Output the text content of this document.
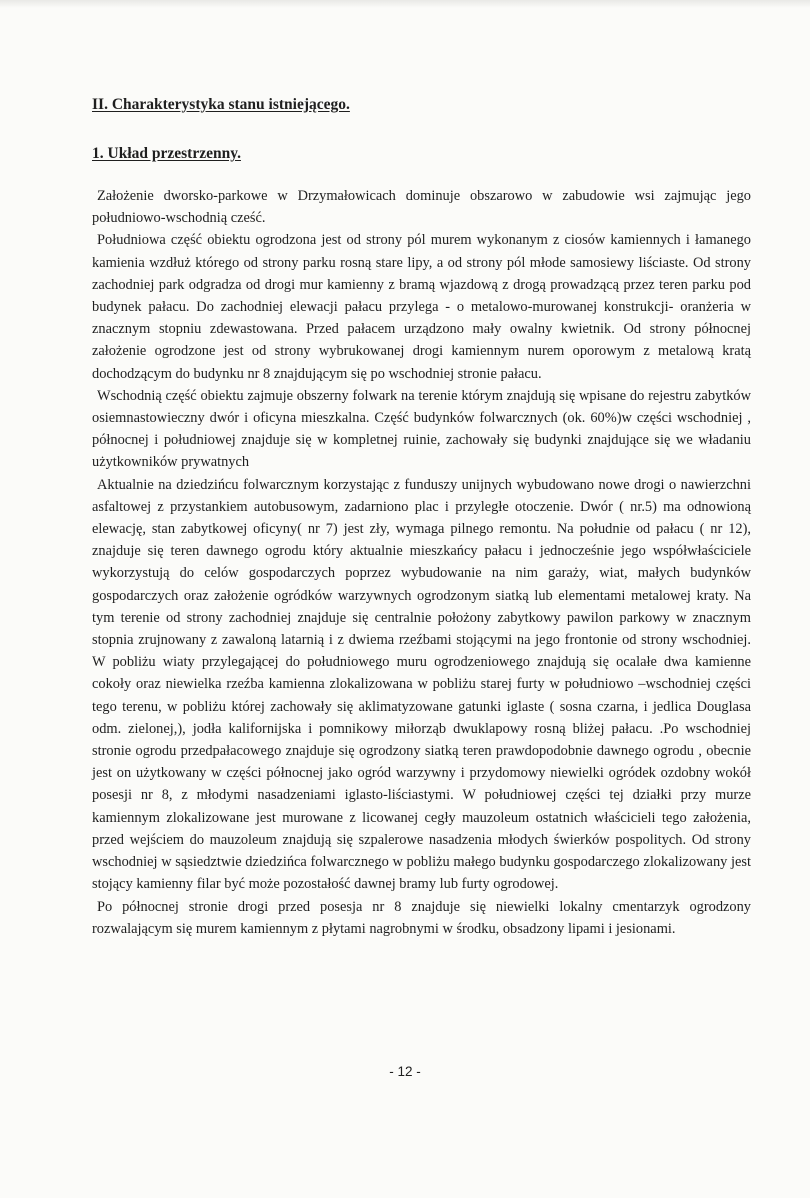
II. Charakterystyka stanu istniejącego.
1. Układ przestrzenny.

Założenie dworsko-parkowe w Drzymałowicach dominuje obszarowo w zabudowie wsi zajmując jego południowo-wschodnią cześć.

Południowa część obiektu ogrodzona jest od strony pól murem wykonanym z ciosów kamiennych i łamanego kamienia wzdłuż którego od strony parku rosną stare lipy, a od strony pól młode samosiewy liściaste. Od strony zachodniej park odgradza od drogi mur kamienny z bramą wjazdową z drogą prowadzącą przez teren parku pod budynek pałacu. Do zachodniej elewacji pałacu przylega - o metalowo-murowanej konstrukcji- oranżeria w znacznym stopniu zdewastowana. Przed pałacem urządzono mały owalny kwietnik. Od strony północnej założenie ogrodzone jest od strony wybrukowanej drogi kamiennym nurem oporowym z metalową kratą dochodzącym do budynku nr 8 znajdującym się po wschodniej stronie pałacu.

Wschodnią część obiektu zajmuje obszerny folwark na terenie którym znajdują się wpisane do rejestru zabytków osiemnastowieczny dwór i oficyna mieszkalna. Część budynków folwarcznych (ok. 60%)w części wschodniej , północnej i południowej znajduje się w kompletnej ruinie, zachowały się budynki znajdujące się we władaniu użytkowników prywatnych

Aktualnie na dziedzińcu folwarcznym korzystając z funduszy unijnych wybudowano nowe drogi o nawierzchni asfaltowej z przystankiem autobusowym, zadarniono plac i przyległe otoczenie. Dwór ( nr.5) ma odnowioną elewację, stan zabytkowej oficyny( nr 7) jest zły, wymaga pilnego remontu. Na południe od pałacu ( nr 12), znajduje się teren dawnego ogrodu który aktualnie mieszkańcy pałacu i jednocześnie jego współwłaściciele wykorzystują do celów gospodarczych poprzez wybudowanie na nim garaży, wiat, małych budynków gospodarczych oraz założenie ogródków warzywnych ogrodzonym siatką lub elementami metalowej kraty. Na tym terenie od strony zachodniej znajduje się centralnie położony zabytkowy pawilon parkowy w znacznym stopnia zrujnowany z zawaloną latarnią i z dwiema rzeźbami stojącymi na jego frontonie od strony wschodniej. W pobliżu wiaty przylegającej do południowego muru ogrodzeniowego znajdują się ocalałe dwa kamienne cokoły oraz niewielka rzeźba kamienna zlokalizowana w pobliżu starej furty w południowo –wschodniej części tego terenu, w pobliżu której zachowały się aklimatyzowane gatunki iglaste ( sosna czarna, i jedlica Douglasa odm. zielonej,), jodła kalifornijska i pomnikowy miłorząb dwuklapowy rosną bliżej pałacu. .Po wschodniej stronie ogrodu przedpałacowego znajduje się ogrodzony siatką teren prawdopodobnie dawnego ogrodu , obecnie jest on użytkowany w części północnej jako ogród warzywny i przydomowy niewielki ogródek ozdobny wokół posesji nr 8, z młodymi nasadzeniami iglasto-liściastymi. W południowej części tej działki przy murze kamiennym zlokalizowane jest murowane z licowanej cegły mauzoleum ostatnich właścicieli tego założenia, przed wejściem do mauzoleum znajdują się szpalerowe nasadzenia młodych świerków pospolitych. Od strony wschodniej w sąsiedztwie dziedzińca folwarcznego w pobliżu małego budynku gospodarczego zlokalizowany jest stojący kamienny filar być może pozostałość dawnej bramy lub furty ogrodowej.

Po północnej stronie drogi przed posesja nr 8 znajduje się niewielki lokalny cmentarzyk ogrodzony rozwalającym się murem kamiennym z płytami nagrobnymi w środku, obsadzony lipami i jesionami.

- 12 -
